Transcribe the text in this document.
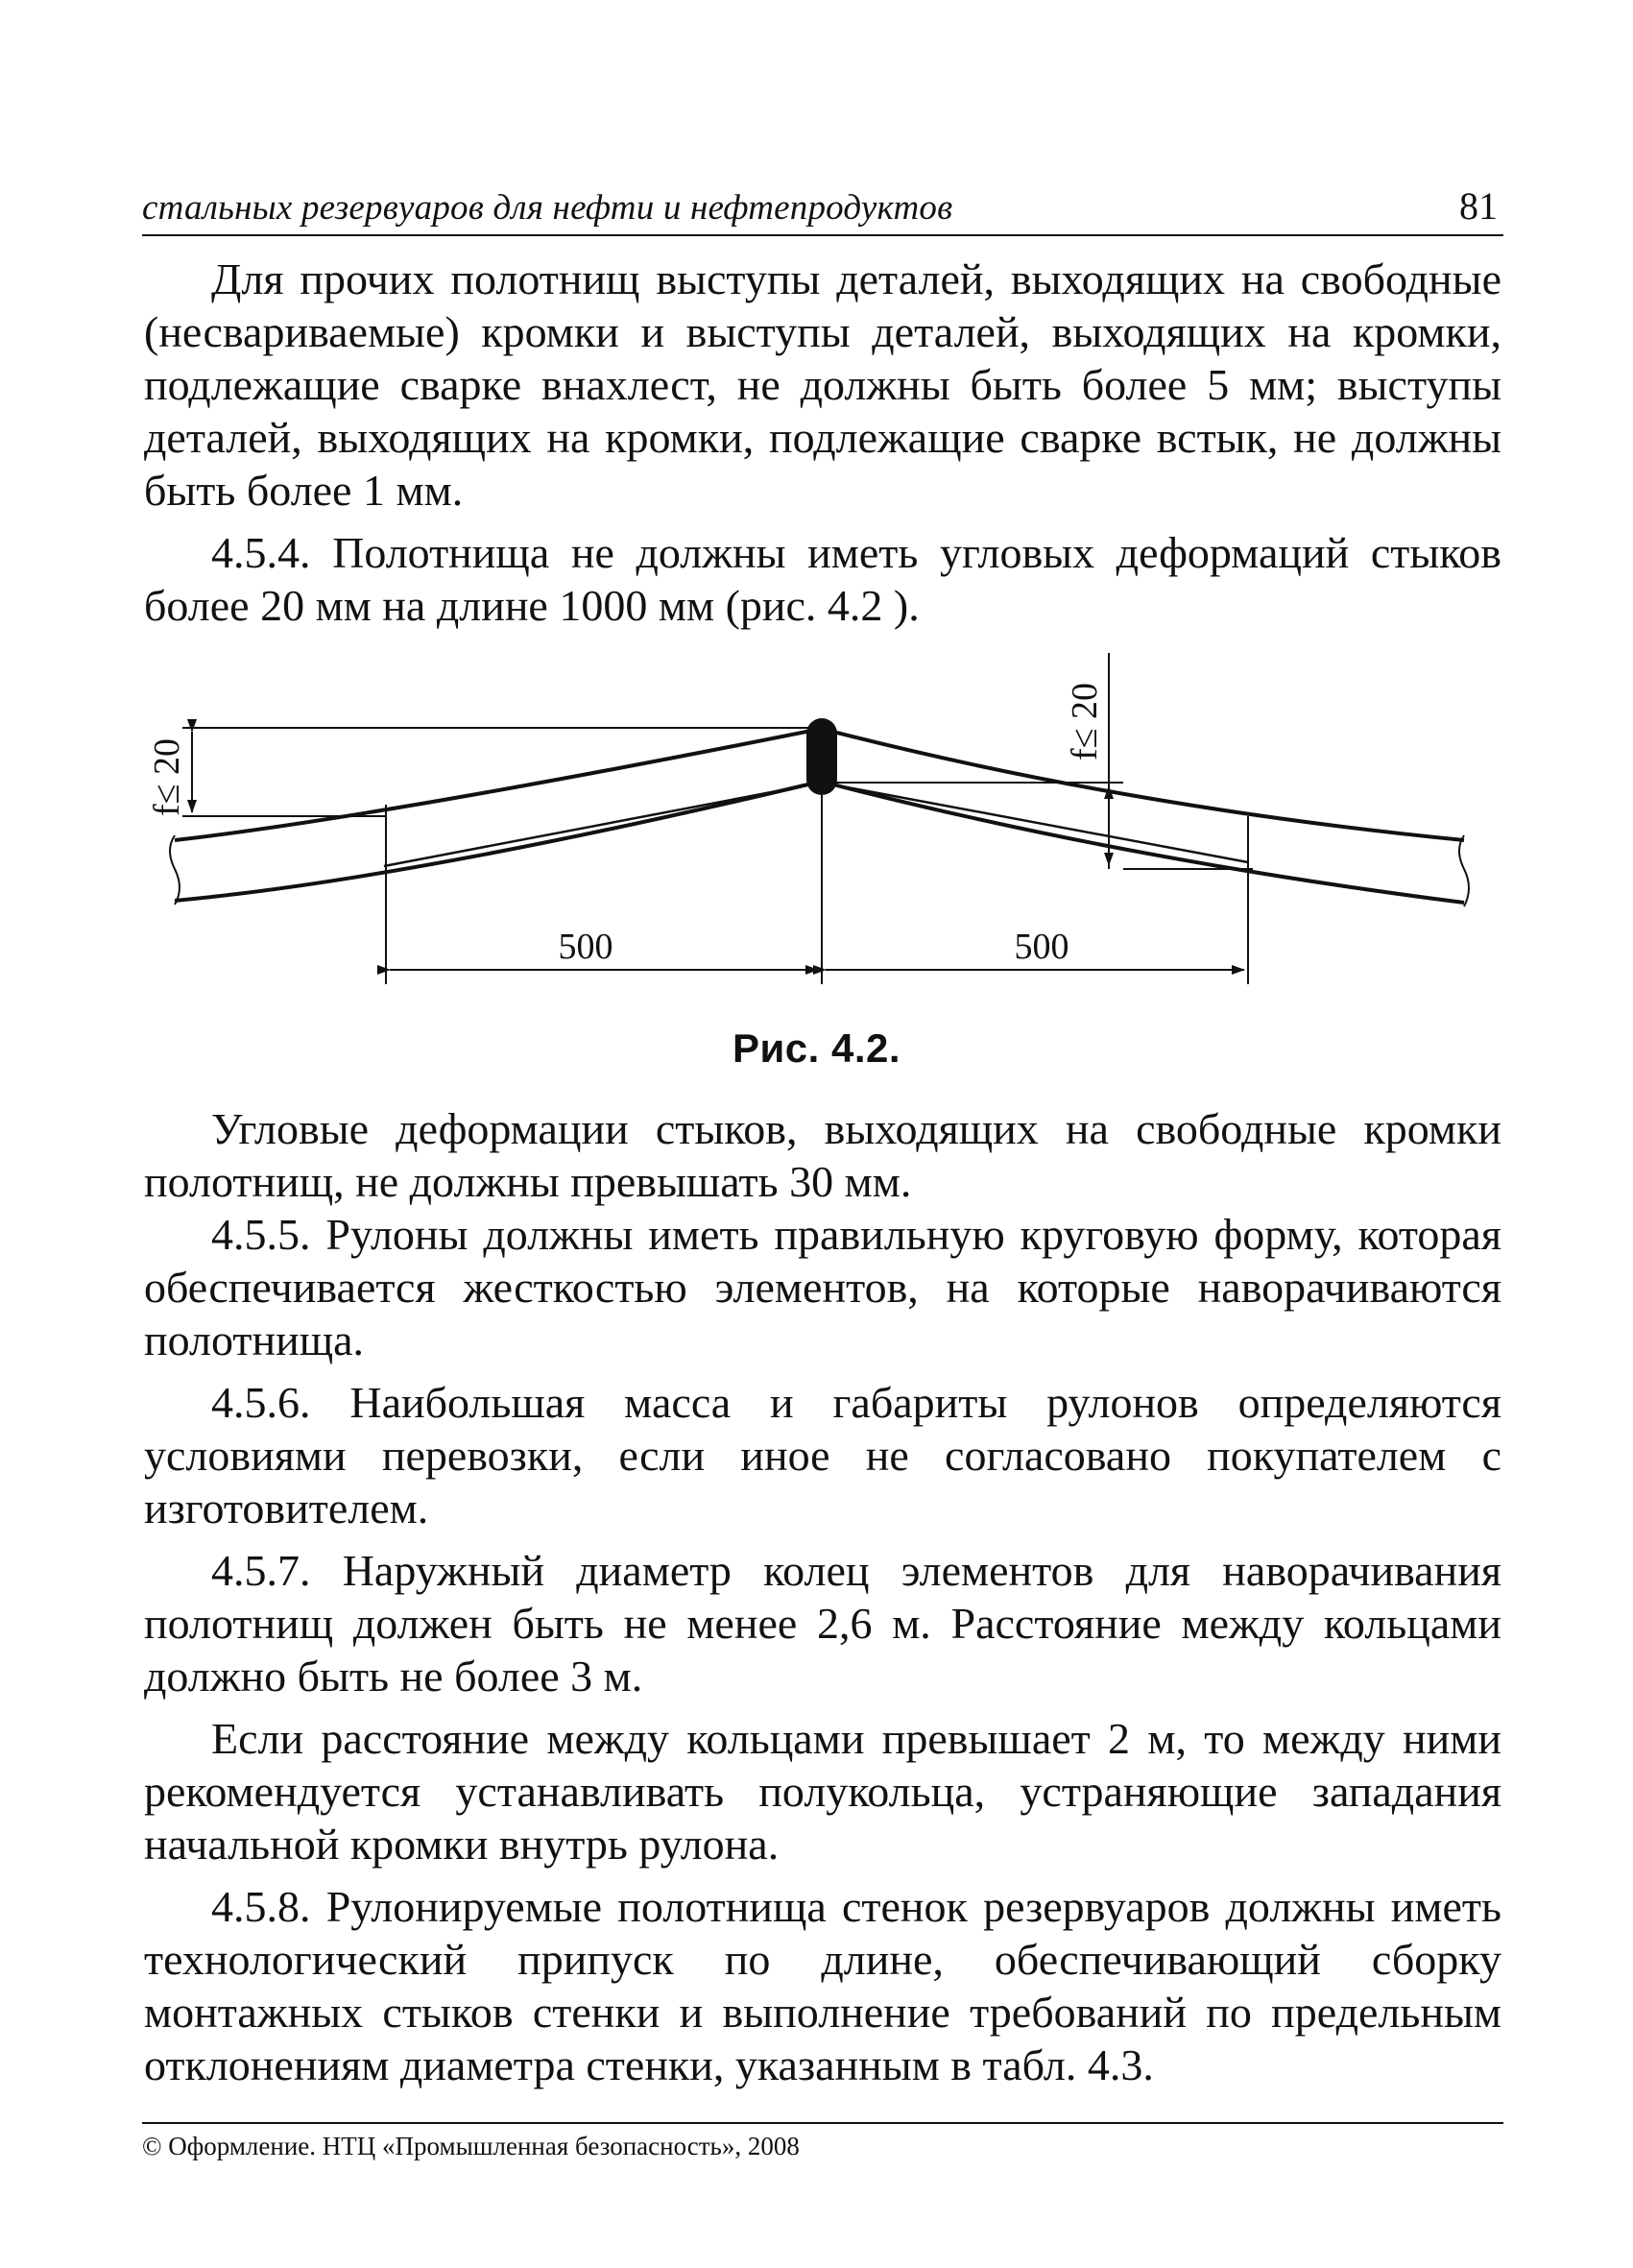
стальных резервуаров для нефти и нефтепродуктов	81

Для прочих полотнищ выступы деталей, выходящих на свободные (несвариваемые) кромки и выступы деталей, выходящих на кромки, подлежащие сварке внахлест, не должны быть более 5 мм; выступы деталей, выходящих на кромки, подлежащие сварке встык, не должны быть более 1 мм.

4.5.4. Полотнища не должны иметь угловых деформаций стыков более 20 мм на длине 1000 мм (рис. 4.2 ).

f≤ 20
f≤ 20
500	500
Рис. 4.2.

Угловые деформации стыков, выходящих на свободные кромки полотнищ, не должны превышать 30 мм.

4.5.5. Рулоны должны иметь правильную круговую форму, которая обеспечивается жесткостью элементов, на которые наворачиваются полотнища.

4.5.6. Наибольшая масса и габариты рулонов определяются условиями перевозки, если иное не согласовано покупателем с изготовителем.

4.5.7. Наружный диаметр колец элементов для наворачивания полотнищ должен быть не менее 2,6 м. Расстояние между кольцами должно быть не более 3 м.

Если расстояние между кольцами превышает 2 м, то между ними рекомендуется устанавливать полукольца, устраняющие западания начальной кромки внутрь рулона.

4.5.8. Рулонируемые полотнища стенок резервуаров должны иметь технологический припуск по длине, обеспечивающий сборку монтажных стыков стенки и выполнение требований по предельным отклонениям диаметра стенки, указанным в табл. 4.3.

© Оформление. НТЦ «Промышленная безопасность», 2008
